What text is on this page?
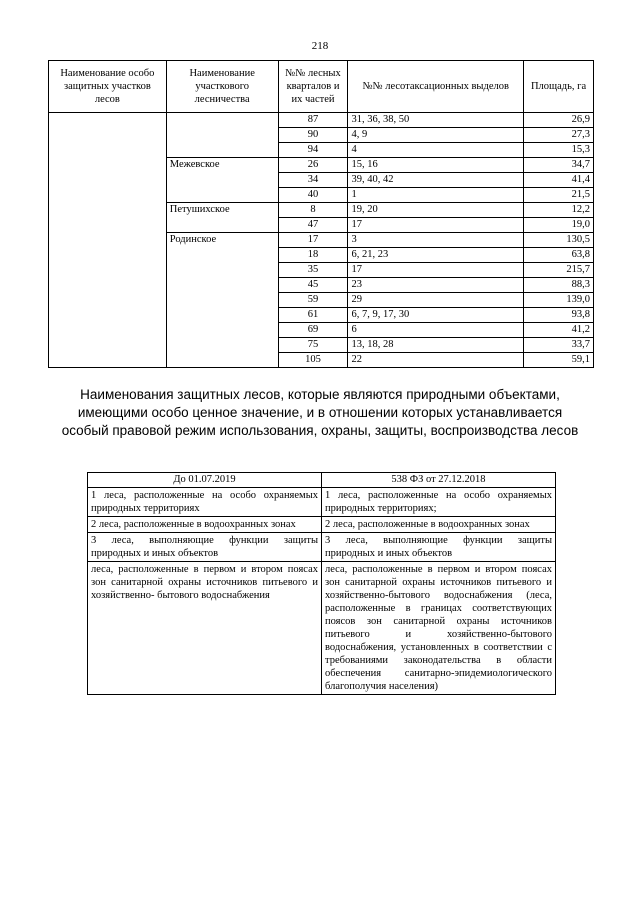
218
Наименование особо защитных участков лесов	Наименование участкового лесничества	№№ лесных кварталов и их частей	№№ лесотаксационных выделов	Площадь, га
		87	31, 36, 38, 50	26,9
		90	4, 9	27,3
		94	4	15,3
	Межевское	26	15, 16	34,7
		34	39, 40, 42	41,4
		40	1	21,5
	Петушихское	8	19, 20	12,2
		47	17	19,0
	Родинское	17	3	130,5
		18	6, 21, 23	63,8
		35	17	215,7
		45	23	88,3
		59	29	139,0
		61	6, 7, 9, 17, 30	93,8
		69	6	41,2
		75	13, 18, 28	33,7
		105	22	59,1
Наименования защитных лесов, которые являются природными объектами, имеющими особо ценное значение, и в отношении которых устанавливается особый правовой режим использования, охраны, защиты, воспроизводства лесов
До 01.07.2019	538 ФЗ от 27.12.2018
1 леса, расположенные на особо охраняемых природных территориях	1 леса, расположенные на особо охраняемых природных территориях;
2 леса, расположенные в водоохранных зонах	2 леса, расположенные в водоохранных зонах
3 леса, выполняющие функции защиты природных и иных объектов	3 леса, выполняющие функции защиты природных и иных объектов
леса, расположенные в первом и втором поясах зон санитарной охраны источников питьевого и хозяйственно- бытового водоснабжения	леса, расположенные в первом и втором поясах зон санитарной охраны источников питьевого и хозяйственно-бытового водоснабжения (леса, расположенные в границах соответствующих поясов зон санитарной охраны источников питьевого и хозяйственно-бытового водоснабжения, установленных в соответствии с требованиями законодательства в области обеспечения санитарно-эпидемиологического благополучия населения)
